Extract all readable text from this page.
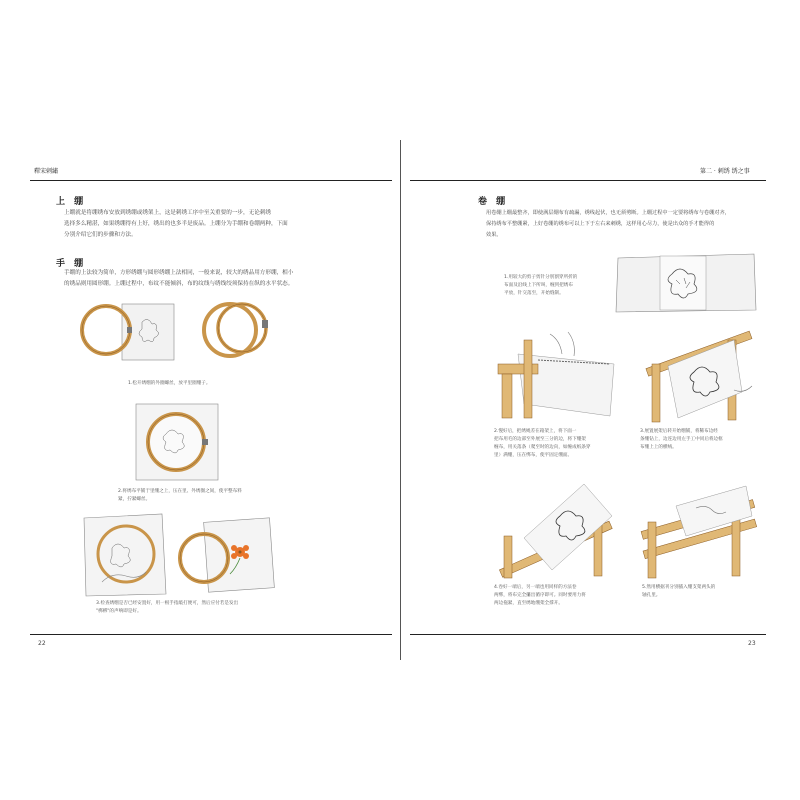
釋宋刺繡
上 绷
上绷就是将绷绣布安放到绣绷或绣架上，这是刺绣工序中至关重要的一步，无论刺绣
选择多么精湛，如果绣绷得有上好，绣出的也多半是废品。上绷分为手绷和卷绷两种，下面
分别介绍它们的步骤和方法。
手 绷
手绷的上法较为简单，方形绣绷与圆形绣绷上法相同，一般来说，较大的绣品用方形绷，相小
的绣品则用圆形绷。上绷过程中，布纹不能倾斜，布的纹线与绣线绞须保持在纵的水平状态。
1.松开绣绷的外圈螺丝，放平里圈绷子。
2.将绣布平铺于里绷之上，压在里、外绣圈之间，使平整布料
紧，拧紧螺丝。
3.检查绣绷是否已经安置好，用一根手指敲打便可，然后应付若是发出
"梆梆"的声响即是好。
22
第二 · 刺绣 绣之事
卷 绷
用卷绷上绷最整齐，即使满层绷布有疏漏，绣线起伏，也无须剪断。上绷过程中一定要将绣布与卷绷对齐，
保持绣布平整绷紧，上好卷绷的绣布可以上下于左右来刺绣，这样用心尽力，使是出众的手才能得的
效果。
1.用较大的剪子剪针分别割穿所折的
布面及沿线上下所叫，缠到把绣布
平放，针交落至，开始缝制。
2.慢好后，把绣绳差在箱架上，将下面一
把布用毛的边部至外展至三分的边，将下绷架
缠布，用关落条（爬至时的边向，如缠成纸条穿
里）满绷，压在绑布，使平固定绷面。
3.展置展架后转开始绷铺，将稀布边经
条绷钻上，边连边用左手工中同后将边框
布绷上上的横绒。
4.卷好一端后，另一端也用同样的方法卷
两绑，将布完全攥出循序即可。同时要用力将
两边拖紧，直至绣地绷架全撑开。
5.然用横据刊分别插入绷支架两头的
轴孔里。
23
